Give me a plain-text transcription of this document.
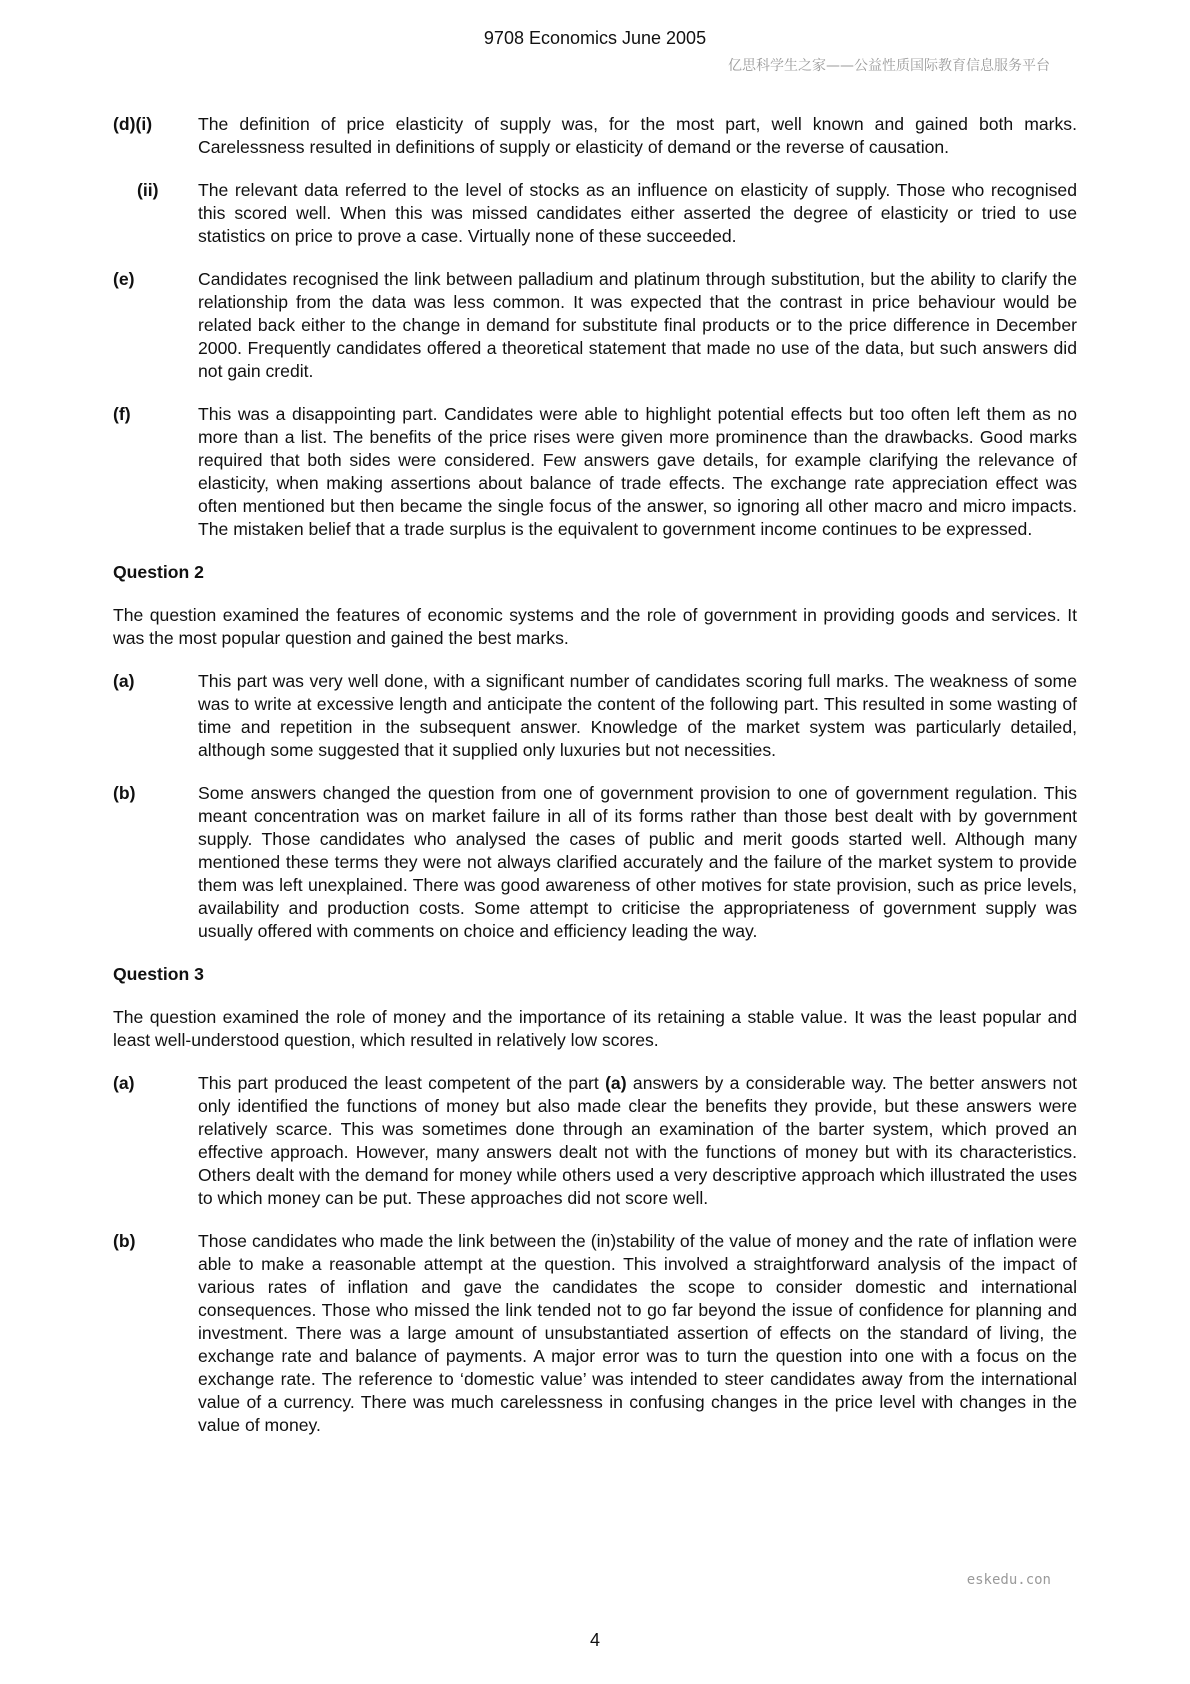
9708 Economics June 2005
亿思科学生之家——公益性质国际教育信息服务平台
(d)(i)	The definition of price elasticity of supply was, for the most part, well known and gained both marks. Carelessness resulted in definitions of supply or elasticity of demand or the reverse of causation.
(ii)	The relevant data referred to the level of stocks as an influence on elasticity of supply. Those who recognised this scored well. When this was missed candidates either asserted the degree of elasticity or tried to use statistics on price to prove a case. Virtually none of these succeeded.
(e)	Candidates recognised the link between palladium and platinum through substitution, but the ability to clarify the relationship from the data was less common. It was expected that the contrast in price behaviour would be related back either to the change in demand for substitute final products or to the price difference in December 2000. Frequently candidates offered a theoretical statement that made no use of the data, but such answers did not gain credit.
(f)	This was a disappointing part. Candidates were able to highlight potential effects but too often left them as no more than a list. The benefits of the price rises were given more prominence than the drawbacks. Good marks required that both sides were considered. Few answers gave details, for example clarifying the relevance of elasticity, when making assertions about balance of trade effects. The exchange rate appreciation effect was often mentioned but then became the single focus of the answer, so ignoring all other macro and micro impacts. The mistaken belief that a trade surplus is the equivalent to government income continues to be expressed.
Question 2
The question examined the features of economic systems and the role of government in providing goods and services. It was the most popular question and gained the best marks.
(a)	This part was very well done, with a significant number of candidates scoring full marks. The weakness of some was to write at excessive length and anticipate the content of the following part. This resulted in some wasting of time and repetition in the subsequent answer. Knowledge of the market system was particularly detailed, although some suggested that it supplied only luxuries but not necessities.
(b)	Some answers changed the question from one of government provision to one of government regulation. This meant concentration was on market failure in all of its forms rather than those best dealt with by government supply. Those candidates who analysed the cases of public and merit goods started well. Although many mentioned these terms they were not always clarified accurately and the failure of the market system to provide them was left unexplained. There was good awareness of other motives for state provision, such as price levels, availability and production costs. Some attempt to criticise the appropriateness of government supply was usually offered with comments on choice and efficiency leading the way.
Question 3
The question examined the role of money and the importance of its retaining a stable value. It was the least popular and least well-understood question, which resulted in relatively low scores.
(a)	This part produced the least competent of the part (a) answers by a considerable way. The better answers not only identified the functions of money but also made clear the benefits they provide, but these answers were relatively scarce. This was sometimes done through an examination of the barter system, which proved an effective approach. However, many answers dealt not with the functions of money but with its characteristics. Others dealt with the demand for money while others used a very descriptive approach which illustrated the uses to which money can be put. These approaches did not score well.
(b)	Those candidates who made the link between the (in)stability of the value of money and the rate of inflation were able to make a reasonable attempt at the question. This involved a straightforward analysis of the impact of various rates of inflation and gave the candidates the scope to consider domestic and international consequences. Those who missed the link tended not to go far beyond the issue of confidence for planning and investment. There was a large amount of unsubstantiated assertion of effects on the standard of living, the exchange rate and balance of payments. A major error was to turn the question into one with a focus on the exchange rate. The reference to ‘domestic value’ was intended to steer candidates away from the international value of a currency. There was much carelessness in confusing changes in the price level with changes in the value of money.
eskedu.con
4
